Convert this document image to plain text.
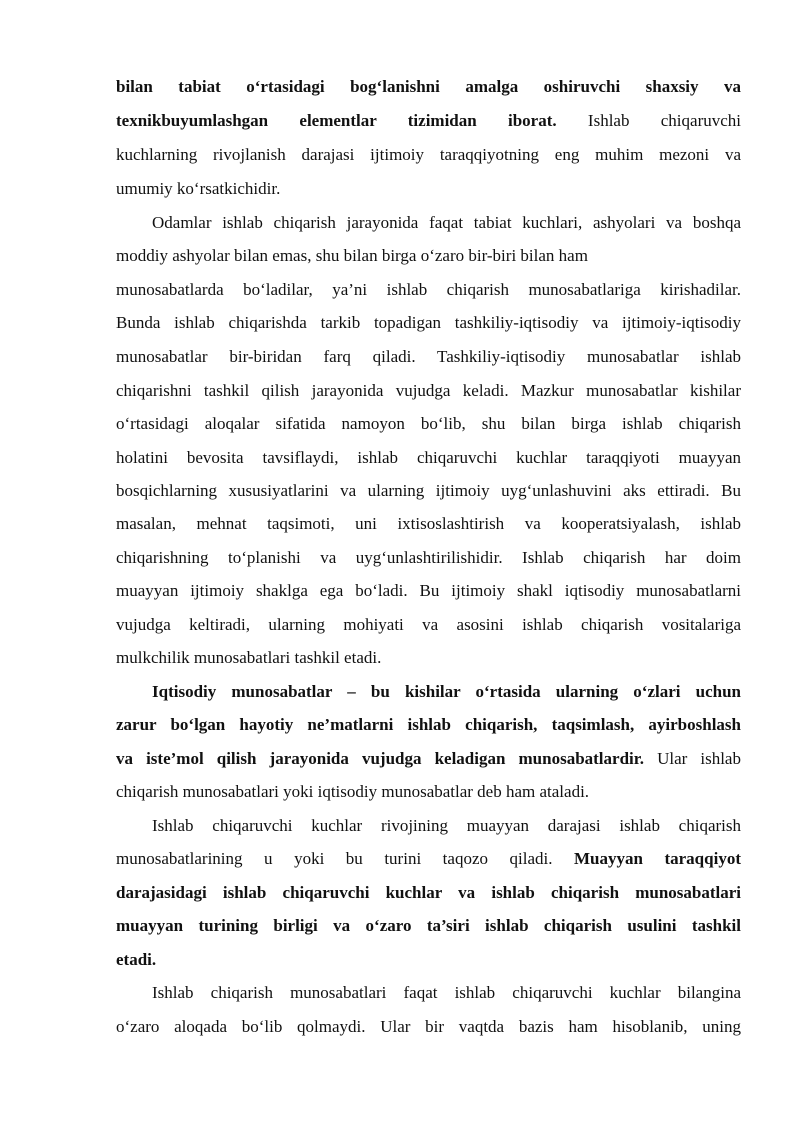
bilan tabiat o‘rtasidagi bog‘lanishni amalga oshiruvchi shaxsiy va
texnikbuyumlashgan elementlar tizimidan iborat. Ishlab chiqaruvchi
kuchlarning rivojlanish darajasi ijtimoiy taraqqiyotning eng muhim mezoni va
umumiy ko‘rsatkichidir.
Odamlar ishlab chiqarish jarayonida faqat tabiat kuchlari, ashyolari va boshqa
moddiy ashyolar bilan emas, shu bilan birga o‘zaro bir-biri bilan ham
munosabatlarda bo‘ladilar, ya’ni ishlab chiqarish munosabatlariga kirishadilar.
Bunda ishlab chiqarishda tarkib topadigan tashkiliy-iqtisodiy va ijtimoiy-iqtisodiy
munosabatlar bir-biridan farq qiladi. Tashkiliy-iqtisodiy munosabatlar ishlab
chiqarishni tashkil qilish jarayonida vujudga keladi. Mazkur munosabatlar kishilar
o‘rtasidagi aloqalar sifatida namoyon bo‘lib, shu bilan birga ishlab chiqarish
holatini bevosita tavsiflaydi, ishlab chiqaruvchi kuchlar taraqqiyoti muayyan
bosqichlarning xususiyatlarini va ularning ijtimoiy uyg‘unlashuvini aks ettiradi. Bu
masalan, mehnat taqsimoti, uni ixtisoslashtirish va kooperatsiyalash, ishlab
chiqarishning to‘planishi va uyg‘unlashtirilishidir. Ishlab chiqarish har doim
muayyan ijtimoiy shaklga ega bo‘ladi. Bu ijtimoiy shakl iqtisodiy munosabatlarni
vujudga keltiradi, ularning mohiyati va asosini ishlab chiqarish vositalariga
mulkchilik munosabatlari tashkil etadi.
Iqtisodiy munosabatlar – bu kishilar o‘rtasida ularning o‘zlari uchun
zarur bo‘lgan hayotiy ne’matlarni ishlab chiqarish, taqsimlash, ayirboshlash
va iste’mol qilish jarayonida vujudga keladigan munosabatlardir. Ular ishlab
chiqarish munosabatlari yoki iqtisodiy munosabatlar deb ham ataladi.
Ishlab chiqaruvchi kuchlar rivojining muayyan darajasi ishlab chiqarish
munosabatlarining u yoki bu turini taqozo qiladi. Muayyan taraqqiyot
darajasidagi ishlab chiqaruvchi kuchlar va ishlab chiqarish munosabatlari
muayyan turining birligi va o‘zaro ta’siri ishlab chiqarish usulini tashkil
etadi.
Ishlab chiqarish munosabatlari faqat ishlab chiqaruvchi kuchlar bilangina
o‘zaro aloqada bo‘lib qolmaydi. Ular bir vaqtda bazis ham hisoblanib, uning
